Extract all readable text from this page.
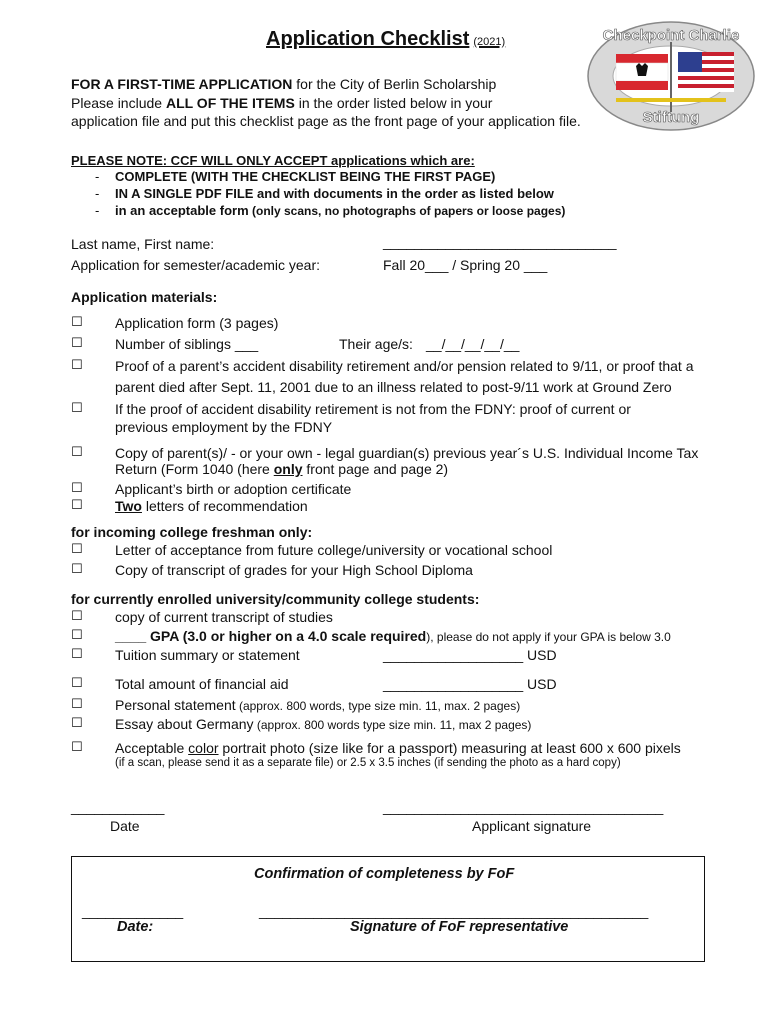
Application Checklist (2021)	Checkpoint Charlie
Stiftung
FOR A FIRST-TIME APPLICATION for the City of Berlin Scholarship
Please include ALL OF THE ITEMS in the order listed below in your
application file and put this checklist page as the front page of your application file.
PLEASE NOTE: CCF WILL ONLY ACCEPT applications which are:
- COMPLETE (WITH THE CHECKLIST BEING THE FIRST PAGE)
- IN A SINGLE PDF FILE and with documents in the order as listed below
- in an acceptable form (only scans, no photographs of papers or loose pages)
Last name, First name:	______________________________
Application for semester/academic year:	Fall 20___ / Spring 20 ___
Application materials:
☐ Application form (3 pages)
☐ Number of siblings ___	Their age/s: __/__/__/__/__
☐ Proof of a parent’s accident disability retirement and/or pension related to 9/11, or proof that a
parent died after Sept. 11, 2001 due to an illness related to post-9/11 work at Ground Zero
☐ If the proof of accident disability retirement is not from the FDNY: proof of current or
previous employment by the FDNY
☐ Copy of parent(s)/ - or your own - legal guardian(s) previous year´s U.S. Individual Income Tax
Return (Form 1040 (here only front page and page 2)
☐ Applicant’s birth or adoption certificate
☐ Two letters of recommendation
for incoming college freshman only:
☐ Letter of acceptance from future college/university or vocational school
☐ Copy of transcript of grades for your High School Diploma
for currently enrolled university/community college students:
☐ copy of current transcript of studies
☐ ____ GPA (3.0 or higher on a 4.0 scale required), please do not apply if your GPA is below 3.0
☐ Tuition summary or statement	__________________ USD
☐ Total amount of financial aid	__________________ USD
☐ Personal statement (approx. 800 words, type size min. 11, max. 2 pages)
☐ Essay about Germany (approx. 800 words type size min. 11, max 2 pages)
☐ Acceptable color portrait photo (size like for a passport) measuring at least 600 x 600 pixels
(if a scan, please send it as a separate file) or 2.5 x 3.5 inches (if sending the photo as a hard copy)
____________
Date
____________________________________
Applicant signature
Confirmation of completeness by FoF
_____________
Date:
__________________________________________________
Signature of FoF representative
